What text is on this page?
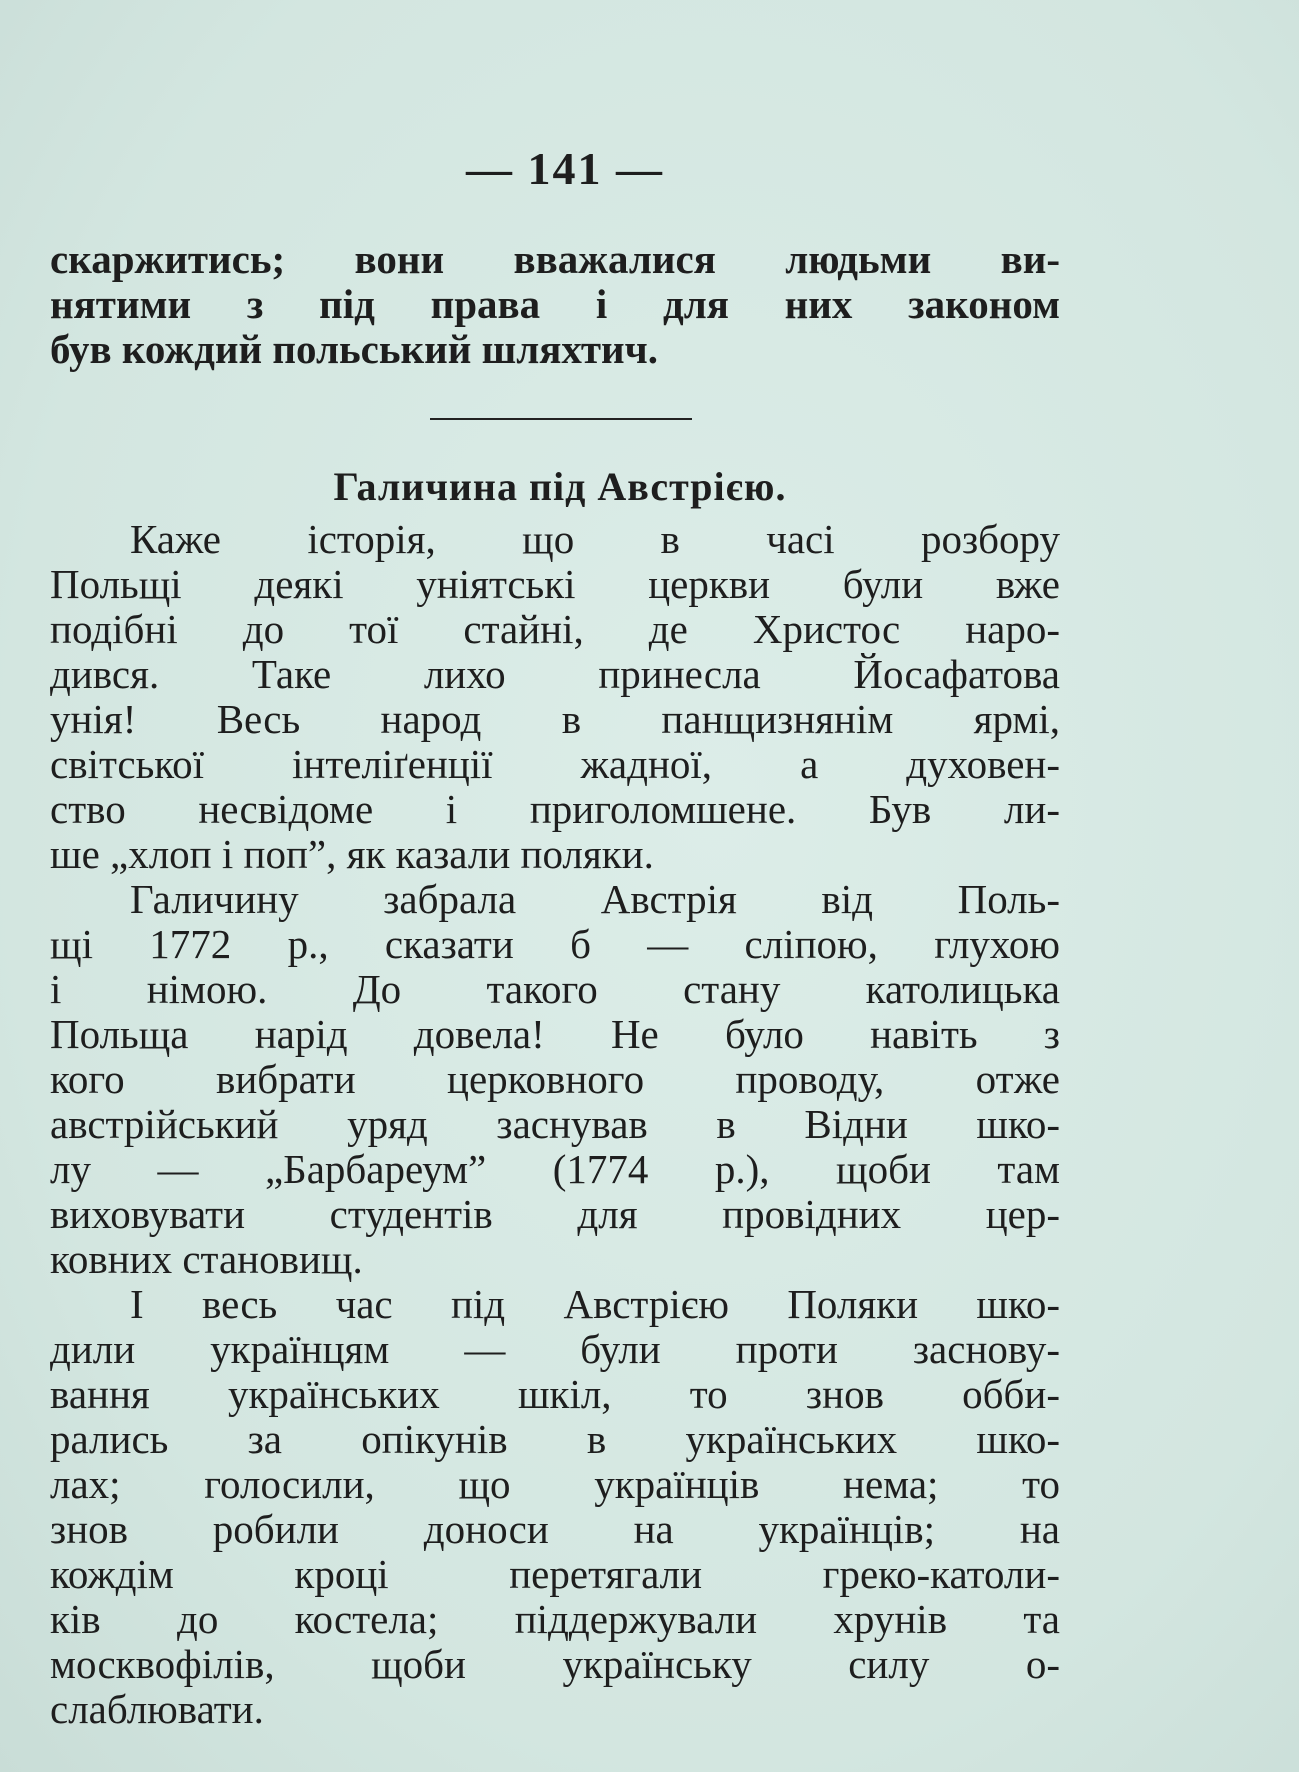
— 141 —
скаржитись; вони вважалися людьми ви-
нятими з під права і для них законом
був кождий польський шляхтич.
Галичина під Австрією.
Каже історія, що в часі розбору
Польщі деякі уніятські церкви були вже
подібні до тої стайні, де Христос наро-
дився. Таке лихо принесла Йосафатова
унія! Весь народ в панщизнянім ярмі,
світської інтеліґенції жадної, а духовен-
ство несвідоме і приголомшене. Був ли-
ше „хлоп і поп”, як казали поляки.
Галичину забрала Австрія від Поль-
щі 1772 р., сказати б — сліпою, глухою
і німою. До такого стану католицька
Польща нарід довела! Не було навіть з
кого вибрати церковного проводу, отже
австрійський уряд заснував в Відни шко-
лу — „Барбареум” (1774 р.), щоби там
виховувати студентів для провідних цер-
ковних становищ.
І весь час під Австрією Поляки шко-
дили українцям — були проти заснову-
вання українських шкіл, то знов обби-
рались за опікунів в українських шко-
лах; голосили, що українців нема; то
знов робили доноси на українців; на
кождім кроці перетягали греко-католи-
ків до костела; піддержували хрунів та
москвофілів, щоби українську силу о-
слаблювати.
